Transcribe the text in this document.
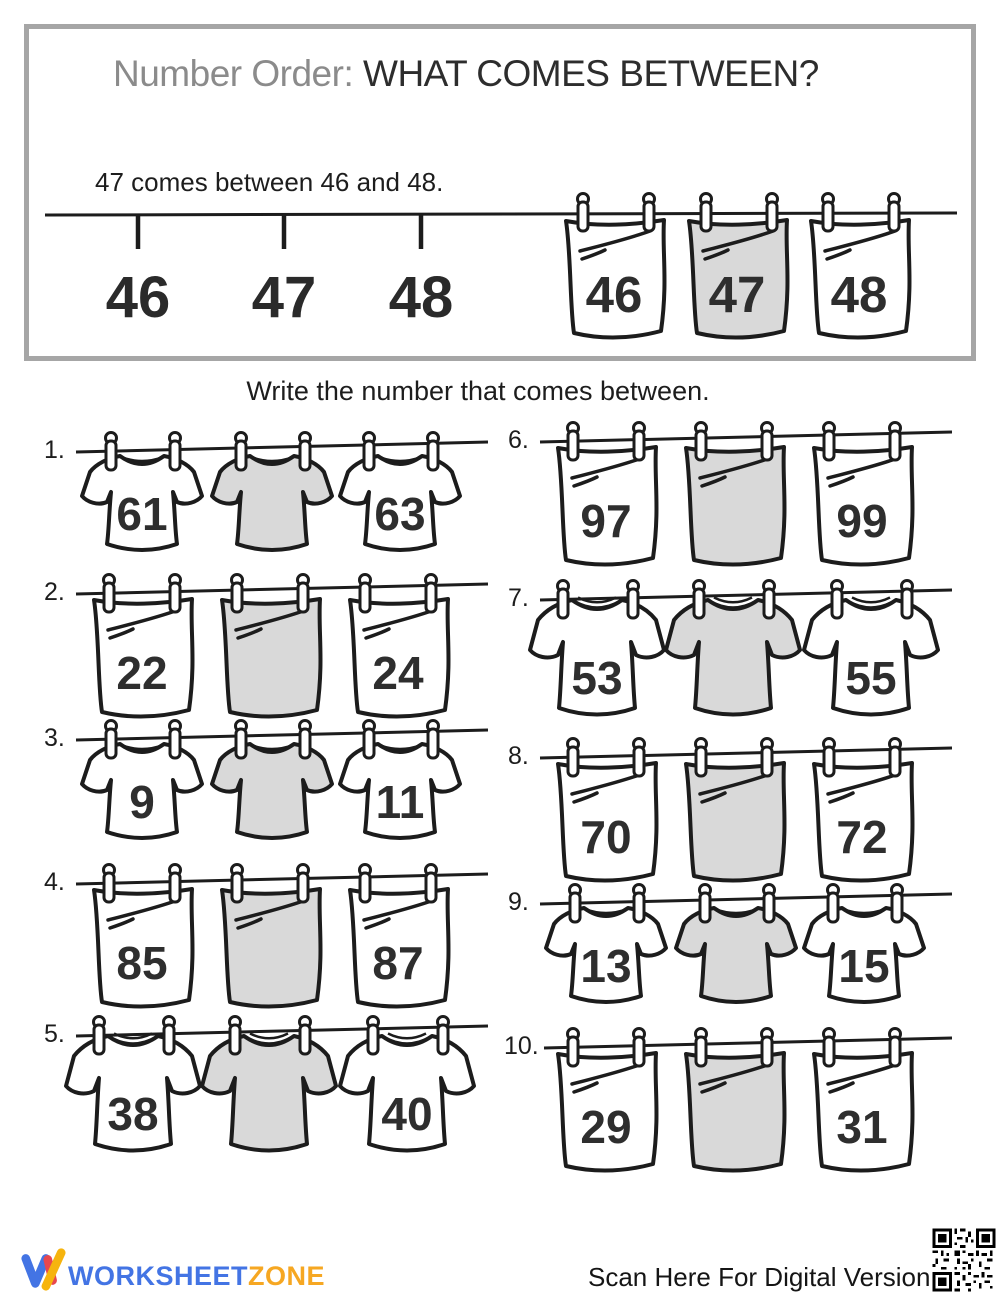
Number Order: WHAT COMES BETWEEN?
47 comes between 46 and 48.
46 47 48	46 47 48
Write the number that comes between.
1.
61	63
2.
22	24
3.
9	11
4.
85	87
5.
38	40
6.
97	99
7.
53	55
8.
70	72
9.
13	15
10.
29	31
WORKSHEETZONE	Scan Here For Digital Version
